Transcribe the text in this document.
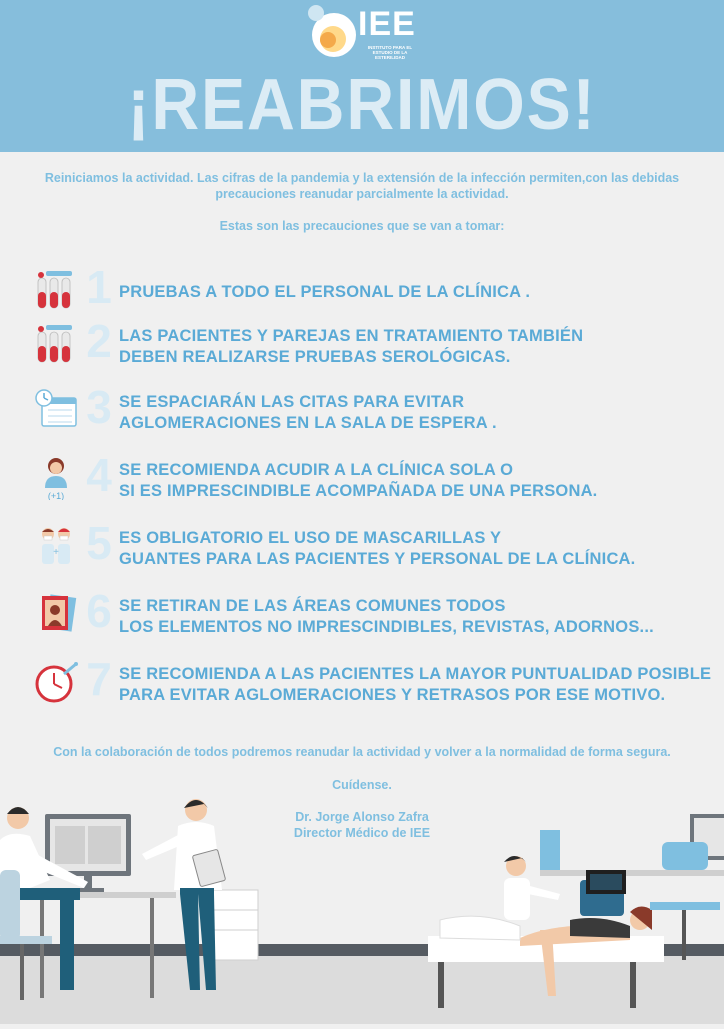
IEE
INSTITUTO PARA EL ESTUDIO DE LA ESTERILIDAD
¡REABRIMOS!
Reiniciamos la actividad. Las cifras de la pandemia y la extensión de la infección permiten,con las debidas precauciones reanudar parcialmente la actividad.
Estas son las precauciones que se van a tomar:
1 PRUEBAS A TODO EL PERSONAL DE LA CLÍNICA .
2 LAS PACIENTES Y PAREJAS EN TRATAMIENTO TAMBIÉN
DEBEN REALIZARSE PRUEBAS SEROLÓGICAS.
3 SE ESPACIARÁN LAS CITAS PARA EVITAR
AGLOMERACIONES EN LA SALA DE ESPERA .
(+1) 4 SE RECOMIENDA ACUDIR A LA CLÍNICA SOLA O
SI ES IMPRESCINDIBLE ACOMPAÑADA DE UNA PERSONA.
+ 5 ES OBLIGATORIO EL USO DE MASCARILLAS Y
GUANTES PARA LAS PACIENTES Y PERSONAL DE LA CLÍNICA.
6 SE RETIRAN DE LAS ÁREAS COMUNES TODOS
LOS ELEMENTOS NO IMPRESCINDIBLES, REVISTAS, ADORNOS...
7 SE RECOMIENDA A LAS PACIENTES LA MAYOR PUNTUALIDAD POSIBLE
PARA EVITAR AGLOMERACIONES Y RETRASOS POR ESE MOTIVO.
Con la colaboración de todos podremos reanudar la actividad y volver a la normalidad de forma segura.
Cuídense.
Dr. Jorge Alonso Zafra
Director Médico de IEE
